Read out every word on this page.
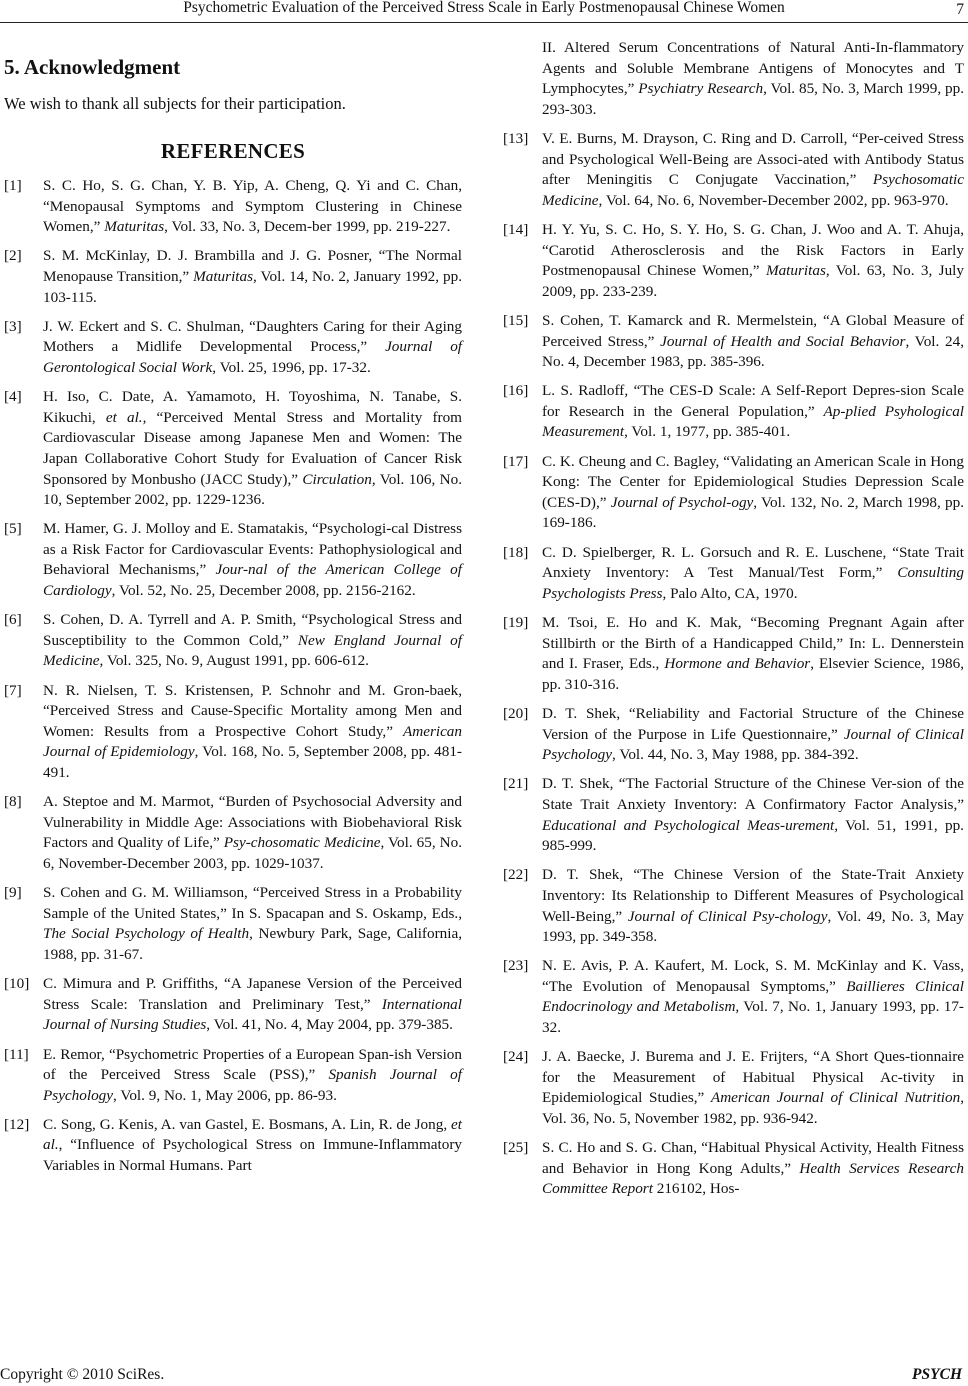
Psychometric Evaluation of the Perceived Stress Scale in Early Postmenopausal Chinese Women	7
5. Acknowledgment

We wish to thank all subjects for their participation.

REFERENCES
[1] S. C. Ho, S. G. Chan, Y. B. Yip, A. Cheng, Q. Yi and C. Chan, “Menopausal Symptoms and Symptom Clustering in Chinese Women,” Maturitas, Vol. 33, No. 3, Decem-ber 1999, pp. 219-227.
[2] S. M. McKinlay, D. J. Brambilla and J. G. Posner, “The Normal Menopause Transition,” Maturitas, Vol. 14, No. 2, January 1992, pp. 103-115.
[3] J. W. Eckert and S. C. Shulman, “Daughters Caring for their Aging Mothers a Midlife Developmental Process,” Journal of Gerontological Social Work, Vol. 25, 1996, pp. 17-32.
[4] H. Iso, C. Date, A. Yamamoto, H. Toyoshima, N. Tanabe, S. Kikuchi, et al., “Perceived Mental Stress and Mortality from Cardiovascular Disease among Japanese Men and Women: The Japan Collaborative Cohort Study for Evaluation of Cancer Risk Sponsored by Monbusho (JACC Study),” Circulation, Vol. 106, No. 10, September 2002, pp. 1229-1236.
[5] M. Hamer, G. J. Molloy and E. Stamatakis, “Psychologi-cal Distress as a Risk Factor for Cardiovascular Events: Pathophysiological and Behavioral Mechanisms,” Jour-nal of the American College of Cardiology, Vol. 52, No. 25, December 2008, pp. 2156-2162.
[6] S. Cohen, D. A. Tyrrell and A. P. Smith, “Psychological Stress and Susceptibility to the Common Cold,” New England Journal of Medicine, Vol. 325, No. 9, August 1991, pp. 606-612.
[7] N. R. Nielsen, T. S. Kristensen, P. Schnohr and M. Gron-baek, “Perceived Stress and Cause-Specific Mortality among Men and Women: Results from a Prospective Cohort Study,” American Journal of Epidemiology, Vol. 168, No. 5, September 2008, pp. 481-491.
[8] A. Steptoe and M. Marmot, “Burden of Psychosocial Adversity and Vulnerability in Middle Age: Associations with Biobehavioral Risk Factors and Quality of Life,” Psy-chosomatic Medicine, Vol. 65, No. 6, November-December 2003, pp. 1029-1037.
[9] S. Cohen and G. M. Williamson, “Perceived Stress in a Probability Sample of the United States,” In S. Spacapan and S. Oskamp, Eds., The Social Psychology of Health, Newbury Park, Sage, California, 1988, pp. 31-67.
[10] C. Mimura and P. Griffiths, “A Japanese Version of the Perceived Stress Scale: Translation and Preliminary Test,” International Journal of Nursing Studies, Vol. 41, No. 4, May 2004, pp. 379-385.
[11] E. Remor, “Psychometric Properties of a European Span-ish Version of the Perceived Stress Scale (PSS),” Spanish Journal of Psychology, Vol. 9, No. 1, May 2006, pp. 86-93.
[12] C. Song, G. Kenis, A. van Gastel, E. Bosmans, A. Lin, R. de Jong, et al., “Influence of Psychological Stress on Immune-Inflammatory Variables in Normal Humans. Part
II. Altered Serum Concentrations of Natural Anti-In-flammatory Agents and Soluble Membrane Antigens of Monocytes and T Lymphocytes,” Psychiatry Research, Vol. 85, No. 3, March 1999, pp. 293-303.
[13] V. E. Burns, M. Drayson, C. Ring and D. Carroll, “Per-ceived Stress and Psychological Well-Being are Associ-ated with Antibody Status after Meningitis C Conjugate Vaccination,” Psychosomatic Medicine, Vol. 64, No. 6, November-December 2002, pp. 963-970.
[14] H. Y. Yu, S. C. Ho, S. Y. Ho, S. G. Chan, J. Woo and A. T. Ahuja, “Carotid Atherosclerosis and the Risk Factors in Early Postmenopausal Chinese Women,” Maturitas, Vol. 63, No. 3, July 2009, pp. 233-239.
[15] S. Cohen, T. Kamarck and R. Mermelstein, “A Global Measure of Perceived Stress,” Journal of Health and Social Behavior, Vol. 24, No. 4, December 1983, pp. 385-396.
[16] L. S. Radloff, “The CES-D Scale: A Self-Report Depres-sion Scale for Research in the General Population,” Ap-plied Psyhological Measurement, Vol. 1, 1977, pp. 385-401.
[17] C. K. Cheung and C. Bagley, “Validating an American Scale in Hong Kong: The Center for Epidemiological Studies Depression Scale (CES-D),” Journal of Psychol-ogy, Vol. 132, No. 2, March 1998, pp. 169-186.
[18] C. D. Spielberger, R. L. Gorsuch and R. E. Luschene, “State Trait Anxiety Inventory: A Test Manual/Test Form,” Consulting Psychologists Press, Palo Alto, CA, 1970.
[19] M. Tsoi, E. Ho and K. Mak, “Becoming Pregnant Again after Stillbirth or the Birth of a Handicapped Child,” In: L. Dennerstein and I. Fraser, Eds., Hormone and Behavior, Elsevier Science, 1986, pp. 310-316.
[20] D. T. Shek, “Reliability and Factorial Structure of the Chinese Version of the Purpose in Life Questionnaire,” Journal of Clinical Psychology, Vol. 44, No. 3, May 1988, pp. 384-392.
[21] D. T. Shek, “The Factorial Structure of the Chinese Ver-sion of the State Trait Anxiety Inventory: A Confirmatory Factor Analysis,” Educational and Psychological Meas-urement, Vol. 51, 1991, pp. 985-999.
[22] D. T. Shek, “The Chinese Version of the State-Trait Anxiety Inventory: Its Relationship to Different Measures of Psychological Well-Being,” Journal of Clinical Psy-chology, Vol. 49, No. 3, May 1993, pp. 349-358.
[23] N. E. Avis, P. A. Kaufert, M. Lock, S. M. McKinlay and K. Vass, “The Evolution of Menopausal Symptoms,” Baillieres Clinical Endocrinology and Metabolism, Vol. 7, No. 1, January 1993, pp. 17-32.
[24] J. A. Baecke, J. Burema and J. E. Frijters, “A Short Ques-tionnaire for the Measurement of Habitual Physical Ac-tivity in Epidemiological Studies,” American Journal of Clinical Nutrition, Vol. 36, No. 5, November 1982, pp. 936-942.
[25] S. C. Ho and S. G. Chan, “Habitual Physical Activity, Health Fitness and Behavior in Hong Kong Adults,” Health Services Research Committee Report 216102, Hos-
Copyright © 2010 SciRes.	PSYCH
